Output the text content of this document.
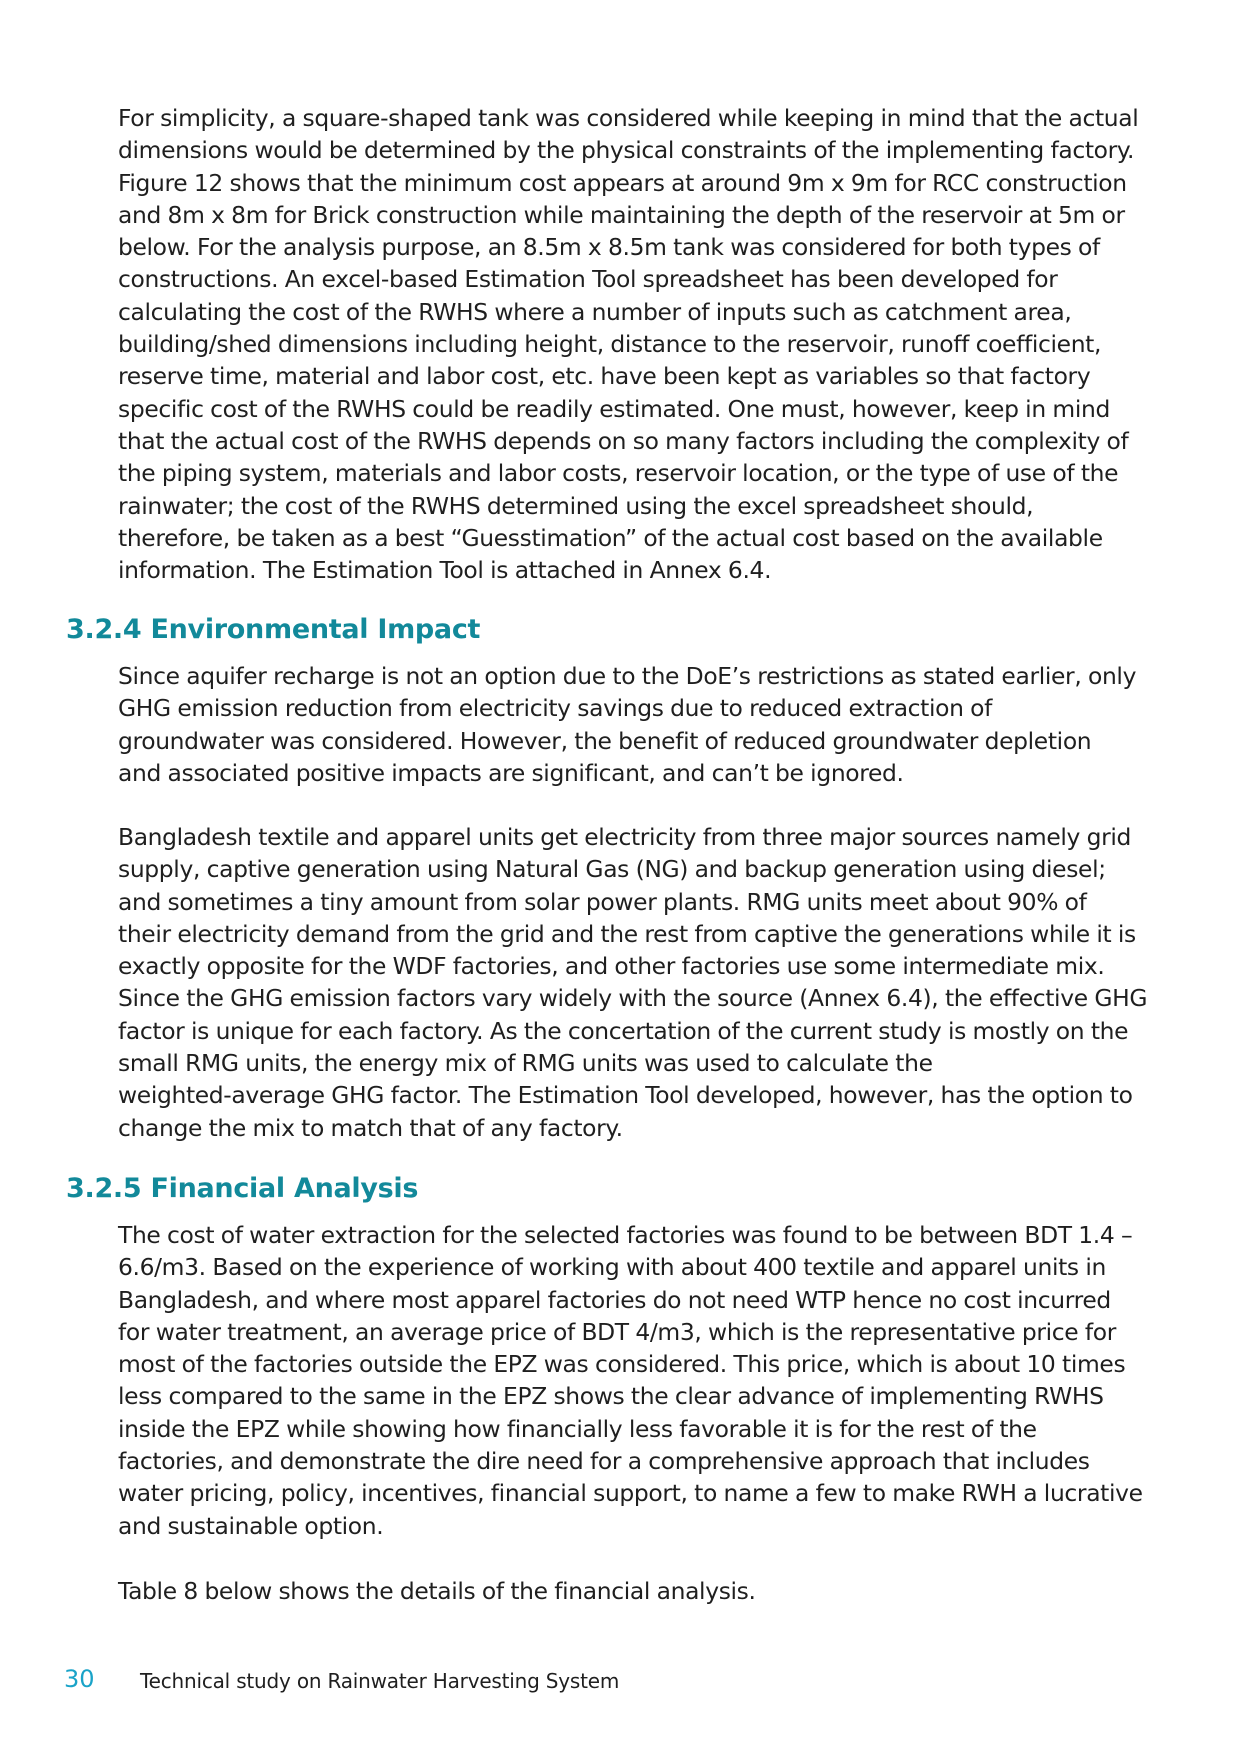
For simplicity, a square-shaped tank was considered while keeping in mind that the actual
dimensions would be determined by the physical constraints of the implementing factory.
Figure 12 shows that the minimum cost appears at around 9m x 9m for RCC construction
and 8m x 8m for Brick construction while maintaining the depth of the reservoir at 5m or
below. For the analysis purpose, an 8.5m x 8.5m tank was considered for both types of
constructions. An excel-based Estimation Tool spreadsheet has been developed for
calculating the cost of the RWHS where a number of inputs such as catchment area,
building/shed dimensions including height, distance to the reservoir, runoff coefficient,
reserve time, material and labor cost, etc. have been kept as variables so that factory
specific cost of the RWHS could be readily estimated. One must, however, keep in mind
that the actual cost of the RWHS depends on so many factors including the complexity of
the piping system, materials and labor costs, reservoir location, or the type of use of the
rainwater; the cost of the RWHS determined using the excel spreadsheet should,
therefore, be taken as a best “Guesstimation” of the actual cost based on the available
information. The Estimation Tool is attached in Annex 6.4.

3.2.4 Environmental Impact

Since aquifer recharge is not an option due to the DoE’s restrictions as stated earlier, only
GHG emission reduction from electricity savings due to reduced extraction of
groundwater was considered. However, the benefit of reduced groundwater depletion
and associated positive impacts are significant, and can’t be ignored.

Bangladesh textile and apparel units get electricity from three major sources namely grid
supply, captive generation using Natural Gas (NG) and backup generation using diesel;
and sometimes a tiny amount from solar power plants. RMG units meet about 90% of
their electricity demand from the grid and the rest from captive the generations while it is
exactly opposite for the WDF factories, and other factories use some intermediate mix.
Since the GHG emission factors vary widely with the source (Annex 6.4), the effective GHG
factor is unique for each factory. As the concertation of the current study is mostly on the
small RMG units, the energy mix of RMG units was used to calculate the
weighted-average GHG factor. The Estimation Tool developed, however, has the option to
change the mix to match that of any factory.

3.2.5 Financial Analysis

The cost of water extraction for the selected factories was found to be between BDT 1.4 –
6.6/m3. Based on the experience of working with about 400 textile and apparel units in
Bangladesh, and where most apparel factories do not need WTP hence no cost incurred
for water treatment, an average price of BDT 4/m3, which is the representative price for
most of the factories outside the EPZ was considered. This price, which is about 10 times
less compared to the same in the EPZ shows the clear advance of implementing RWHS
inside the EPZ while showing how financially less favorable it is for the rest of the
factories, and demonstrate the dire need for a comprehensive approach that includes
water pricing, policy, incentives, financial support, to name a few to make RWH a lucrative
and sustainable option.

Table 8 below shows the details of the financial analysis.

30 Technical study on Rainwater Harvesting System
